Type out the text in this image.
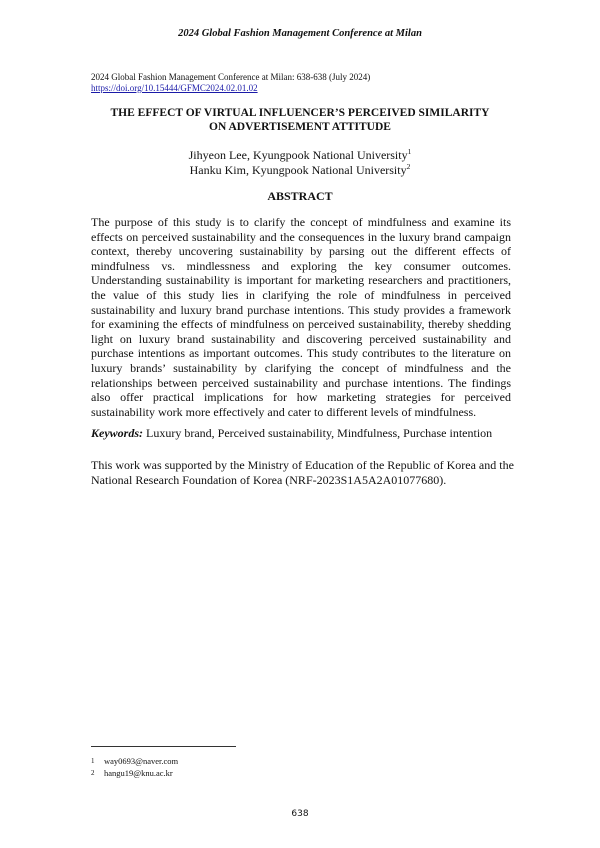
2024 Global Fashion Management Conference at Milan
2024 Global Fashion Management Conference at Milan: 638-638 (July 2024)
https://doi.org/10.15444/GFMC2024.02.01.02
THE EFFECT OF VIRTUAL INFLUENCER’S PERCEIVED SIMILARITY
ON ADVERTISEMENT ATTITUDE
Jihyeon Lee, Kyungpook National University$^1$
Hanku Kim, Kyungpook National University$^2$
ABSTRACT

The purpose of this study is to clarify the concept of mindfulness and examine its effects on perceived sustainability and the consequences in the luxury brand campaign context, thereby uncovering sustainability by parsing out the different effects of mindfulness vs. mindlessness and exploring the key consumer outcomes. Understanding sustainability is important for marketing researchers and practitioners, the value of this study lies in clarifying the role of mindfulness in perceived sustainability and luxury brand purchase intentions. This study provides a framework for examining the effects of mindfulness on perceived sustainability, thereby shedding light on luxury brand sustainability and discovering perceived sustainability and purchase intentions as important outcomes. This study contributes to the literature on luxury brands’ sustainability by clarifying the concept of mindfulness and the relationships between perceived sustainability and purchase intentions. The findings also offer practical implications for how marketing strategies for perceived sustainability work more effectively and cater to different levels of mindfulness.

Keywords: Luxury brand, Perceived sustainability, Mindfulness, Purchase intention

This work was supported by the Ministry of Education of the Republic of Korea and the National Research Foundation of Korea (NRF-2023S1A5A2A01077680).

1 way0693@naver.com
2 hangu19@knu.ac.kr
638
